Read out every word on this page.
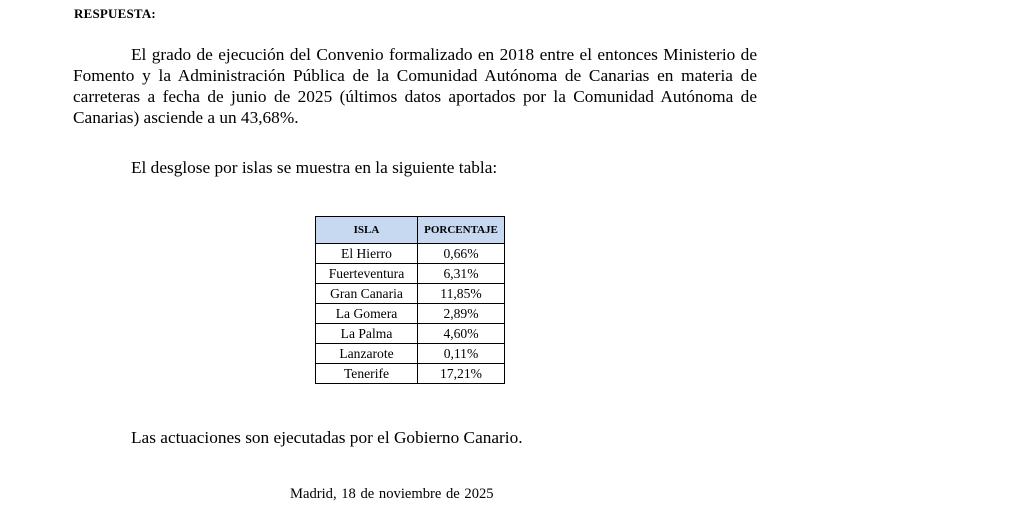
RESPUESTA:

El grado de ejecución del Convenio formalizado en 2018 entre el entonces Ministerio de Fomento y la Administración Pública de la Comunidad Autónoma de Canarias en materia de carreteras a fecha de junio de 2025 (últimos datos aportados por la Comunidad Autónoma de Canarias) asciende a un 43,68%.

El desglose por islas se muestra en la siguiente tabla:

ISLA	PORCENTAJE
El Hierro	0,66%
Fuerteventura	6,31%
Gran Canaria	11,85%
La Gomera	2,89%
La Palma	4,60%
Lanzarote	0,11%
Tenerife	17,21%

Las actuaciones son ejecutadas por el Gobierno Canario.

Madrid, 18 de noviembre de 2025
